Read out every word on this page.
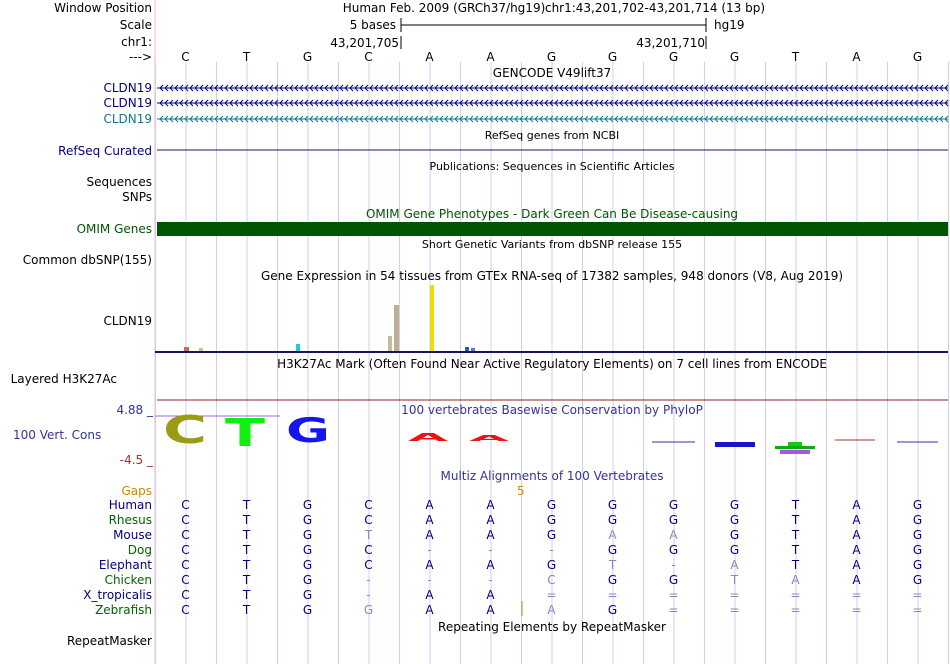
C T G	A A
Window Position
Scale
chr1:
--->
Human Feb. 2009 (GRCh37/hg19) chr1:43,201,702-43,201,714 (13 bp)
5 bases	hg19
43,201,705	43,201,710
C	T	G	C	A	A	G	G	G	G	T	A	G
GENCODE V49lift37
CLDN19
CLDN19
CLDN19
RefSeq genes from NCBI
RefSeq Curated
Publications: Sequences in Scientific Articles
Sequences
SNPs
OMIM Gene Phenotypes - Dark Green Can Be Disease-causing
OMIM Genes
Short Genetic Variants from dbSNP release 155
Common dbSNP(155)
Gene Expression in 54 tissues from GTEx RNA-seq of 17382 samples, 948 donors (V8, Aug 2019)
CLDN19
H3K27Ac Mark (Often Found Near Active Regulatory Elements) on 7 cell lines from ENCODE
Layered H3K27Ac
100 vertebrates Basewise Conservation by PhyloP
4.88 _
100 Vert. Cons
-4.5 _
Multiz Alignments of 100 Vertebrates
Gaps	5
Human C	T	G	C	A	A	G	G	G	G	T	A	G
Rhesus C	T	G	C	A	A	G	G	G	G	T	A	G
Mouse C	T	G	T	A	A	G	A	A	G	T	A	G
Dog C	T	G	C	-	-	-	G	G	G	T	A	G
Elephant C	T	G	C	A	A	G	T	-	A	T	A	G
Chicken C	T	G	-	-	-	C	G	G	T	A	A	G
X_tropicalis C	T	G	-	A	A	=	=	=	=	=	=	=
Zebrafish C	T	G	G	A	A	A	G	=	=	=	=	=
Repeating Elements by RepeatMasker
RepeatMasker
